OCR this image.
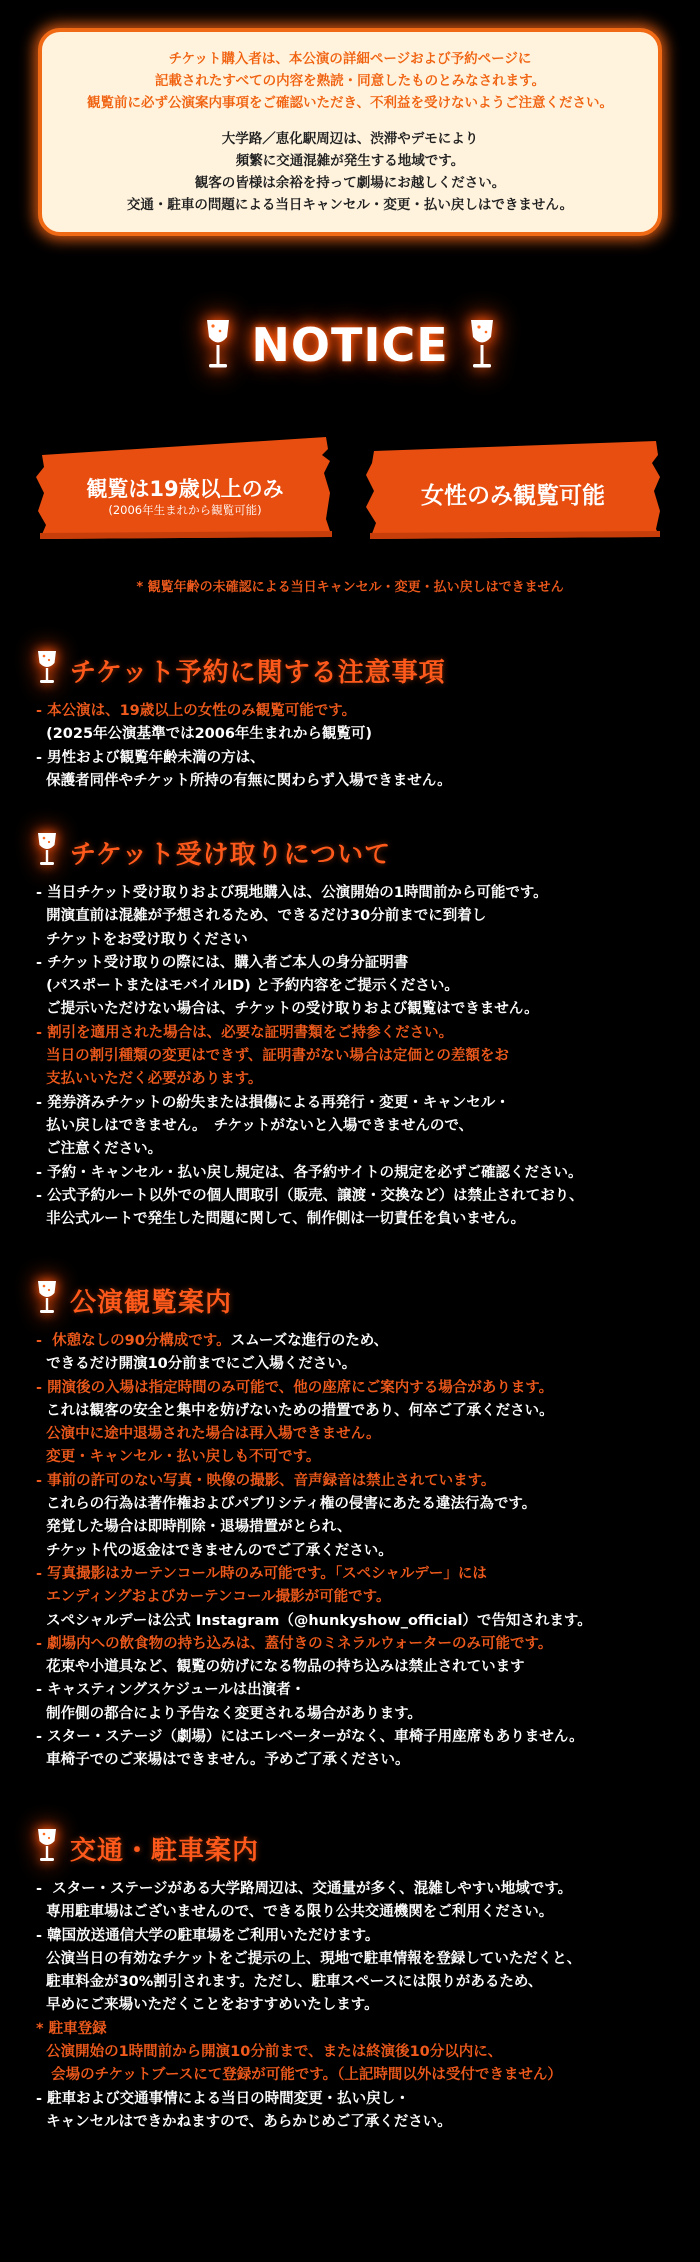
チケット購入者は、本公演の詳細ページおよび予約ページに
記載されたすべての内容を熟読・同意したものとみなされます。
観覧前に必ず公演案内事項をご確認いただき、不利益を受けないようご注意ください。
大学路／恵化駅周辺は、渋滞やデモにより
頻繁に交通混雑が発生する地域です。
観客の皆様は余裕を持って劇場にお越しください。
交通・駐車の問題による当日キャンセル・変更・払い戻しはできません。
NOTICE
観覧は19歳以上のみ
(2006年生まれから観覧可能)
女性のみ観覧可能
* 観覧年齢の未確認による当日キャンセル・変更・払い戻しはできません
チケット予約に関する注意事項
- 本公演は、19歳以上の女性のみ観覧可能です。
(2025年公演基準では2006年生まれから観覧可)
- 男性および観覧年齢未満の方は、
保護者同伴やチケット所持の有無に関わらず入場できません。
チケット受け取りについて
- 当日チケット受け取りおよび現地購入は、公演開始の1時間前から可能です。
開演直前は混雑が予想されるため、できるだけ30分前までに到着し
チケットをお受け取りください
- チケット受け取りの際には、購入者ご本人の身分証明書
(パスポートまたはモバイルID) と予約内容をご提示ください。
ご提示いただけない場合は、チケットの受け取りおよび観覧はできません。
- 割引を適用された場合は、必要な証明書類をご持参ください。
当日の割引種類の変更はできず、証明書がない場合は定価との差額をお
支払いいただく必要があります。
- 発券済みチケットの紛失または損傷による再発行・変更・キャンセル・
払い戻しはできません。　チケットがないと入場できませんので、
ご注意ください。
- 予約・キャンセル・払い戻し規定は、各予約サイトの規定を必ずご確認ください。
- 公式予約ルート以外での個人間取引（販売、譲渡・交換など）は禁止されており、
非公式ルートで発生した問題に関して、制作側は一切責任を負いません。
公演観覧案内
-  休憩なしの90分構成です。スムーズな進行のため、
できるだけ開演10分前までにご入場ください。
- 開演後の入場は指定時間のみ可能で、他の座席にご案内する場合があります。
これは観客の安全と集中を妨げないための措置であり、何卒ご了承ください。
公演中に途中退場された場合は再入場できません。
変更・キャンセル・払い戻しも不可です。
- 事前の許可のない写真・映像の撮影、音声録音は禁止されています。
これらの行為は著作権およびパブリシティ権の侵害にあたる違法行為です。
発覚した場合は即時削除・退場措置がとられ、
チケット代の返金はできませんのでご了承ください。
- 写真撮影はカーテンコール時のみ可能です。「スペシャルデー」には
エンディングおよびカーテンコール撮影が可能です。
スペシャルデーは公式 Instagram（@hunkyshow_official）で告知されます。
- 劇場内への飲食物の持ち込みは、蓋付きのミネラルウォーターのみ可能です。
花束や小道具など、観覧の妨げになる物品の持ち込みは禁止されています
- キャスティングスケジュールは出演者・
制作側の都合により予告なく変更される場合があります。
- スター・ステージ（劇場）にはエレベーターがなく、車椅子用座席もありません。
車椅子でのご来場はできません。予めご了承ください。
交通・駐車案内
-  スター・ステージがある大学路周辺は、交通量が多く、混雑しやすい地域です。
専用駐車場はございませんので、できる限り公共交通機関をご利用ください。
- 韓国放送通信大学の駐車場をご利用いただけます。
公演当日の有効なチケットをご提示の上、現地で駐車情報を登録していただくと、
駐車料金が30%割引されます。ただし、駐車スペースには限りがあるため、
早めにご来場いただくことをおすすめいたします。
* 駐車登録
公演開始の1時間前から開演10分前まで、または終演後10分以内に、
会場のチケットブースにて登録が可能です。（上記時間以外は受付できません）
- 駐車および交通事情による当日の時間変更・払い戻し・
キャンセルはできかねますので、あらかじめご了承ください。
